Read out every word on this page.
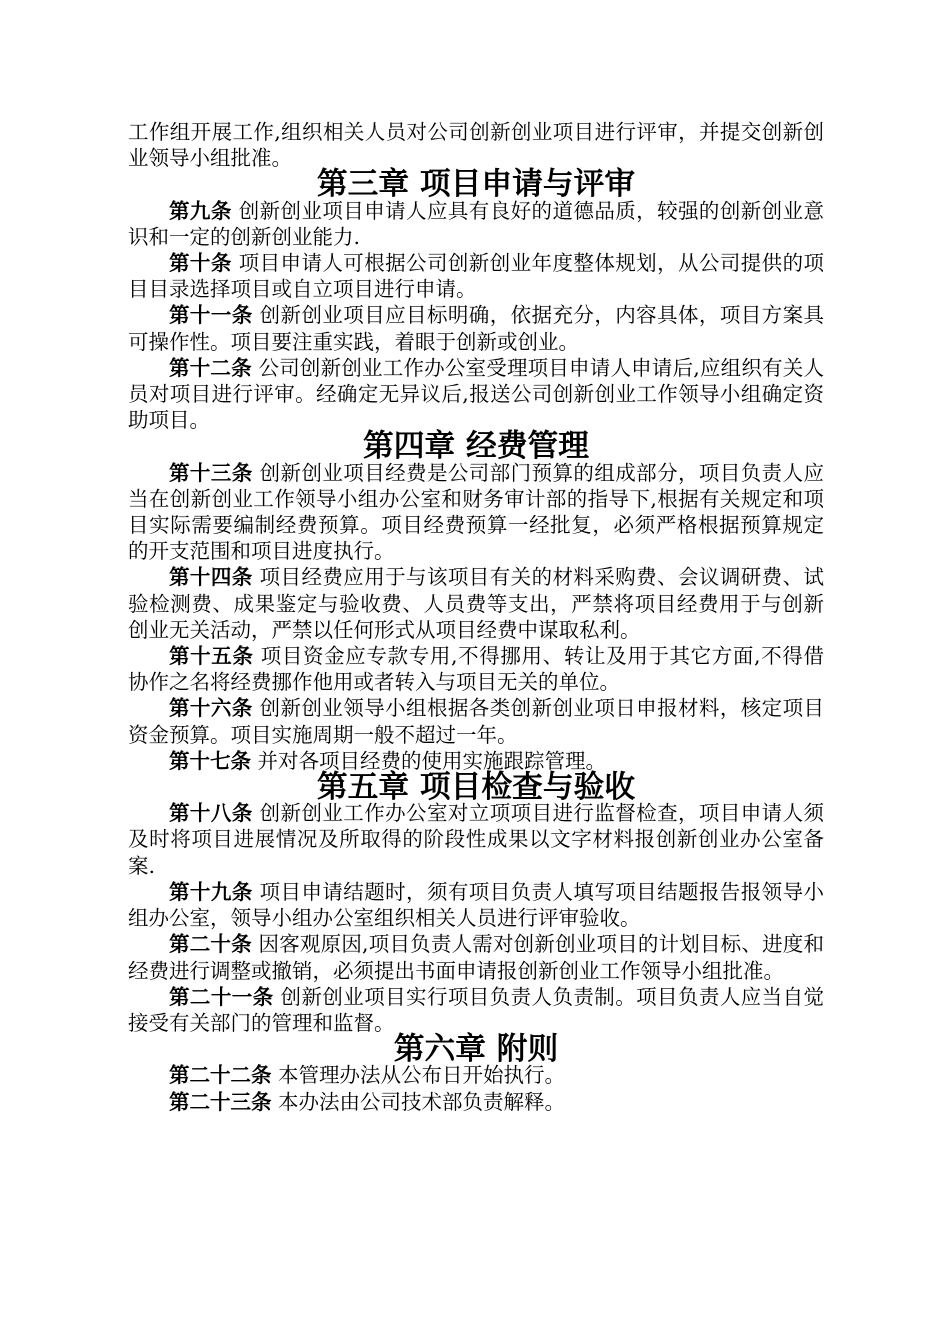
工作组开展工作,组织相关人员对公司创新创业项目进行评审，并提交创新创业领导小组批准。

第三章 项目申请与评审

第九条 创新创业项目申请人应具有良好的道德品质，较强的创新创业意识和一定的创新创业能力.

第十条 项目申请人可根据公司创新创业年度整体规划，从公司提供的项目目录选择项目或自立项目进行申请。

第十一条 创新创业项目应目标明确，依据充分，内容具体，项目方案具可操作性。项目要注重实践，着眼于创新或创业。

第十二条 公司创新创业工作办公室受理项目申请人申请后,应组织有关人员对项目进行评审。经确定无异议后,报送公司创新创业工作领导小组确定资助项目。

第四章 经费管理

第十三条 创新创业项目经费是公司部门预算的组成部分，项目负责人应当在创新创业工作领导小组办公室和财务审计部的指导下,根据有关规定和项目实际需要编制经费预算。项目经费预算一经批复，必须严格根据预算规定的开支范围和项目进度执行。

第十四条 项目经费应用于与该项目有关的材料采购费、会议调研费、试验检测费、成果鉴定与验收费、人员费等支出，严禁将项目经费用于与创新创业无关活动，严禁以任何形式从项目经费中谋取私利。

第十五条 项目资金应专款专用,不得挪用、转让及用于其它方面,不得借协作之名将经费挪作他用或者转入与项目无关的单位。

第十六条 创新创业领导小组根据各类创新创业项日申报材料，核定项目资金预算。项目实施周期一般不超过一年。

第十七条 并对各项目经费的使用实施跟踪管理。

第五章 项目检查与验收

第十八条 创新创业工作办公室对立项项目进行监督检查，项目申请人须及时将项目进展情况及所取得的阶段性成果以文字材料报创新创业办公室备案.

第十九条 项目申请结题时，须有项目负责人填写项目结题报告报领导小组办公室，领导小组办公室组织相关人员进行评审验收。

第二十条 因客观原因,项目负责人需对创新创业项目的计划目标、进度和经费进行调整或撤销，必须提出书面申请报创新创业工作领导小组批准。

第二十一条 创新创业项目实行项目负责人负责制。项目负责人应当自觉接受有关部门的管理和监督。

第六章 附则

第二十二条 本管理办法从公布日开始执行。

第二十三条 本办法由公司技术部负责解释。
